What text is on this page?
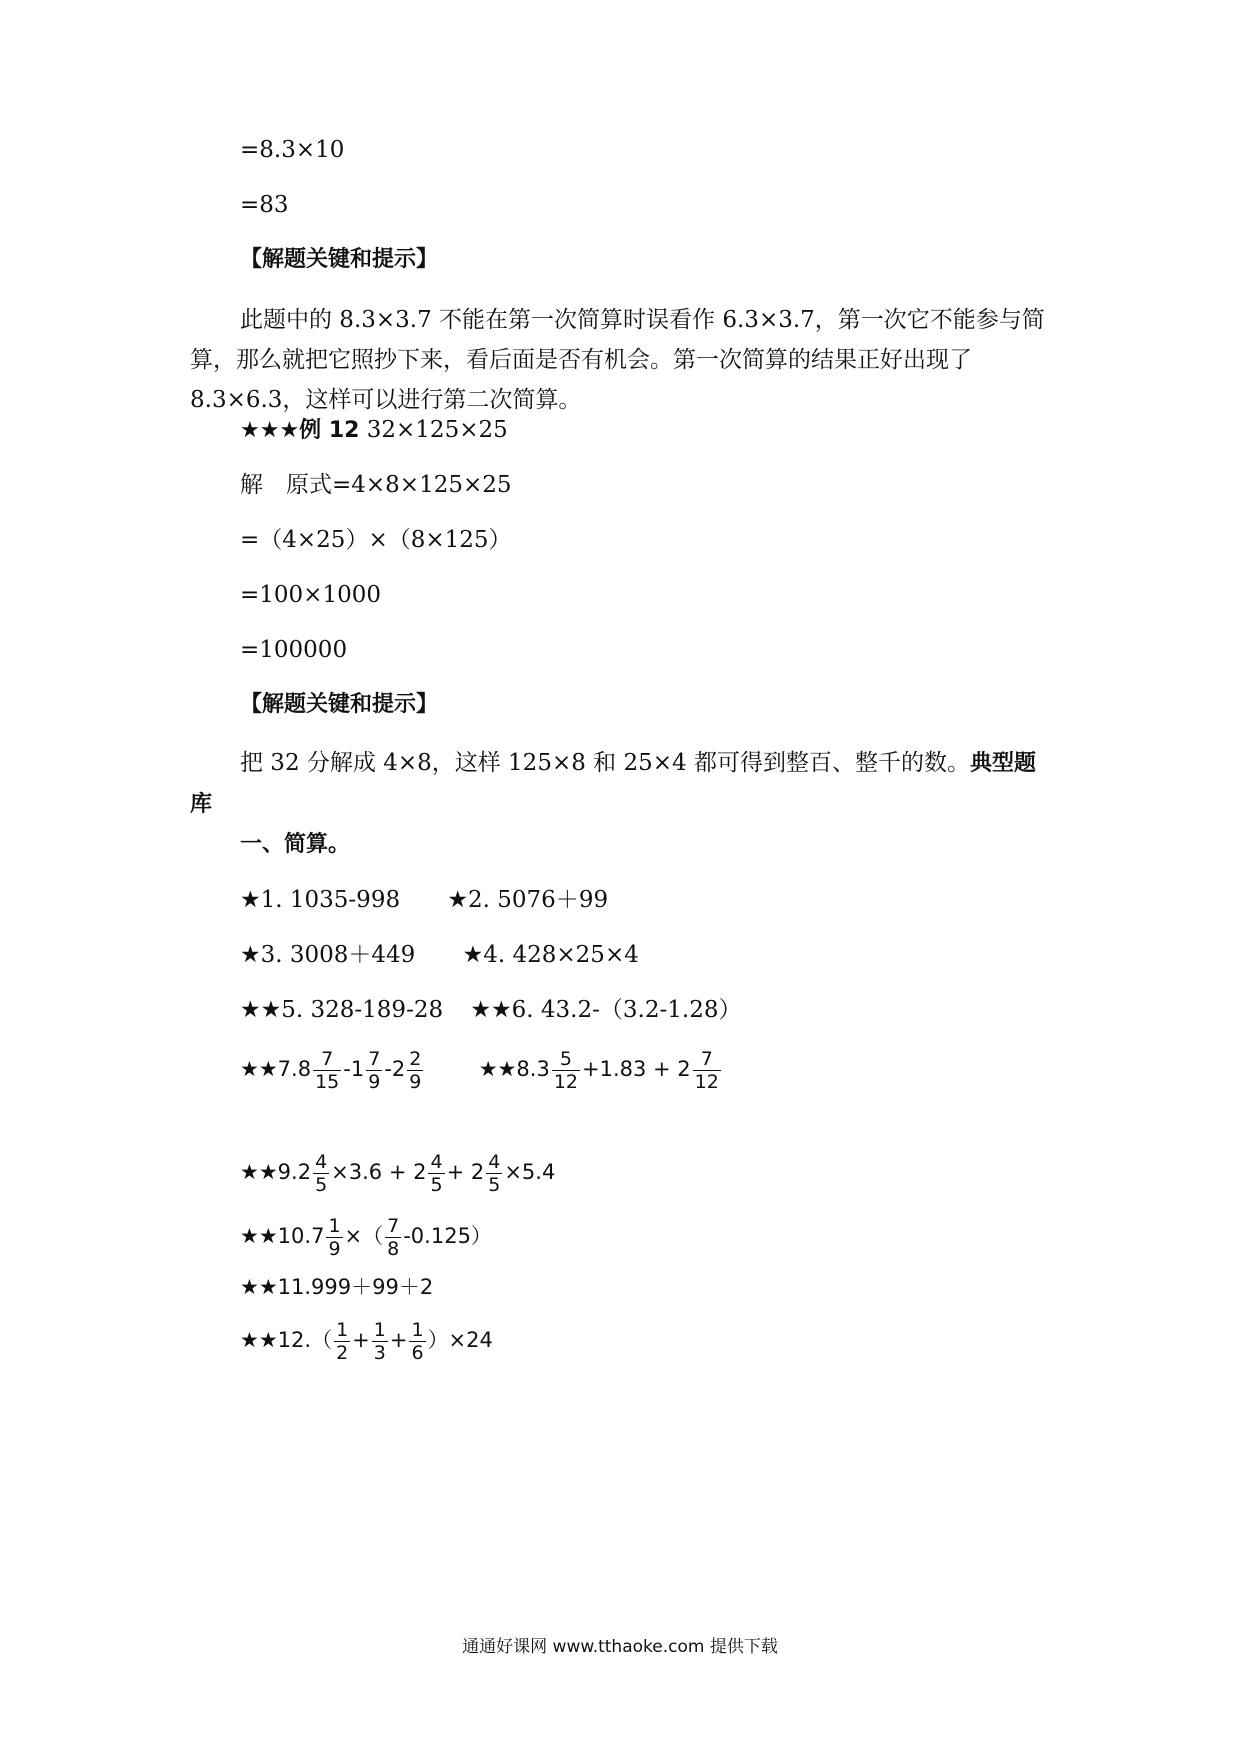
=8.3×10
=83
【解题关键和提示】
此题中的 8.3×3.7 不能在第一次简算时误看作 6.3×3.7，第一次它不能参与简算，那么就把它照抄下来，看后面是否有机会。第一次简算的结果正好出现了 8.3×6.3，这样可以进行第二次简算。
★★★例 12 32×125×25
解　原式=4×8×125×25
=（4×25）×（8×125）
=100×1000
=100000
【解题关键和提示】
把 32 分解成 4×8，这样 125×8 和 25×4 都可得到整百、整千的数。典型题库
一、简算。
★1. 1035-998 ★2. 5076＋99
★3. 3008＋449 ★4. 428×25×4
★★5. 328-189-28 ★★6. 43.2-（3.2-1.28）
★★7.8 $\frac{7}{15} -1 \frac{7}{9} -2 \frac{2}{9}$	★★8.3 $\frac{5}{12} +1.83 + 2 \frac{7}{12}$
★★9.2 $\frac{4}{5} \times 3.6 + 2 \frac{4}{5} + 2 \frac{4}{5} \times 5.4$
★★10.7 $\frac{1}{9}$ ×（ $\frac{7}{8} -0.125$）
★★11.999＋99＋2
★★12.（ $\frac{1}{2} + \frac{1}{3} + \frac{1}{6} )\times 24$
通通好课网 www.tthaoke.com 提供下载
